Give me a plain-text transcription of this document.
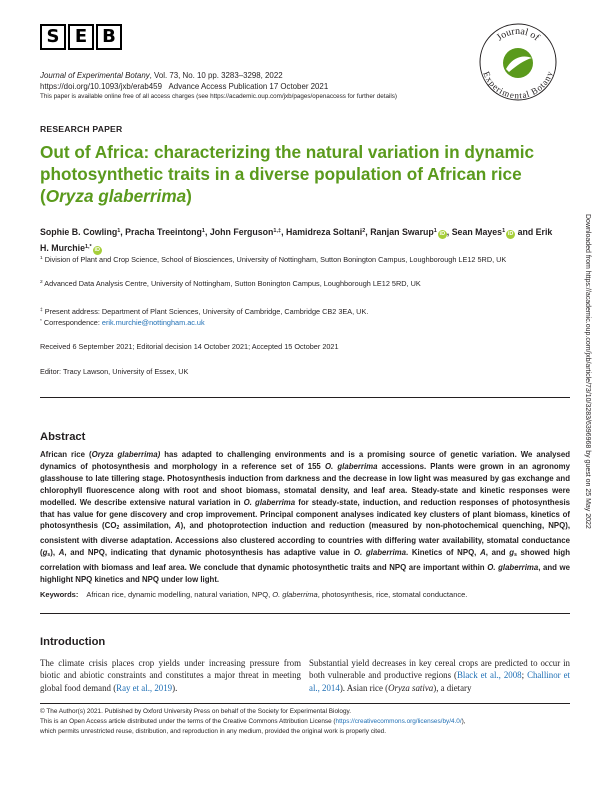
S E B	Journal of
Experimental Botany
Journal of Experimental Botany, Vol. 73, No. 10 pp. 3283–3298, 2022
https://doi.org/10.1093/jxb/erab459 Advance Access Publication 17 October 2021
This paper is available online free of all access charges (see https://academic.oup.com/jxb/pages/openaccess for further details)
RESEARCH PAPER
Out of Africa: characterizing the natural variation in dynamic photosynthetic traits in a diverse population of African rice (Oryza glaberrima)
Sophie B. Cowling$^1$, Pracha Treeintong$^1$, John Ferguson$^{1,\ddagger}$, Hamidreza Soltani$^2$, Ranjan Swarup$^1$ iD , Sean Mayes$^1$ iD and Erik H. Murchie$^{1,*}$ iD
$^1$ Division of Plant and Crop Science, School of Biosciences, University of Nottingham, Sutton Bonington Campus, Loughborough LE12 5RD, UK
$^2$ Advanced Data Analysis Centre, University of Nottingham, Sutton Bonington Campus, Loughborough LE12 5RD, UK
‡ Present address: Department of Plant Sciences, University of Cambridge, Cambridge CB2 3EA, UK.
* Correspondence: erik.murchie@nottingham.ac.uk
Received 6 September 2021; Editorial decision 14 October 2021; Accepted 15 October 2021
Editor: Tracy Lawson, University of Essex, UK
Abstract
African rice (Oryza glaberrima) has adapted to challenging environments and is a promising source of genetic variation. We analysed dynamics of photosynthesis and morphology in a reference set of 155 O. glaberrima accessions. Plants were grown in an agronomy glasshouse to late tillering stage. Photosynthesis induction from darkness and the decrease in low light was measured by gas exchange and chlorophyll fluorescence along with root and shoot biomass, stomatal density, and leaf area. Steady-state and kinetic responses were modelled. We describe extensive natural variation in O. glaberrima for steady-state, induction, and reduction responses of photosynthesis that has value for gene discovery and crop improvement. Principal component analyses indicated key clusters of plant biomass, kinetics of photosynthesis ($CO_2$ assimilation, A), and photoprotection induction and reduction (measured by non-photochemical quenching, NPQ), consistent with diverse adaptation. Accessions also clustered according to countries with differing water availability, stomatal conductance $(g_s)$, A, and NPQ, indicating that dynamic photosynthesis has adaptive value in O. glaberrima. Kinetics of NPQ, A, and $g_s$ showed high correlation with biomass and leaf area. We conclude that dynamic photosynthetic traits and NPQ are important within O. glaberrima, and we highlight NPQ kinetics and NPQ under low light.
Keywords: African rice, dynamic modelling, natural variation, NPQ, O. glaberrima, photosynthesis, rice, stomatal conductance.
Introduction
The climate crisis places crop yields under increasing pressure from biotic and abiotic constraints and constitutes a major threat in meeting global food demand (Ray et al., 2019).
Substantial yield decreases in key cereal crops are predicted to occur in both vulnerable and productive regions (Black et al., 2008; Challinor et al., 2014). Asian rice (Oryza sativa), a dietary
© The Author(s) 2021. Published by Oxford University Press on behalf of the Society for Experimental Biology.
This is an Open Access article distributed under the terms of the Creative Commons Attribution License (https://creativecommons.org/licenses/by/4.0/),
which permits unrestricted reuse, distribution, and reproduction in any medium, provided the original work is properly cited.
Downloaded from https://academic.oup.com/jxb/article/73/10/3283/6396968 by guest on 25 May 2022
